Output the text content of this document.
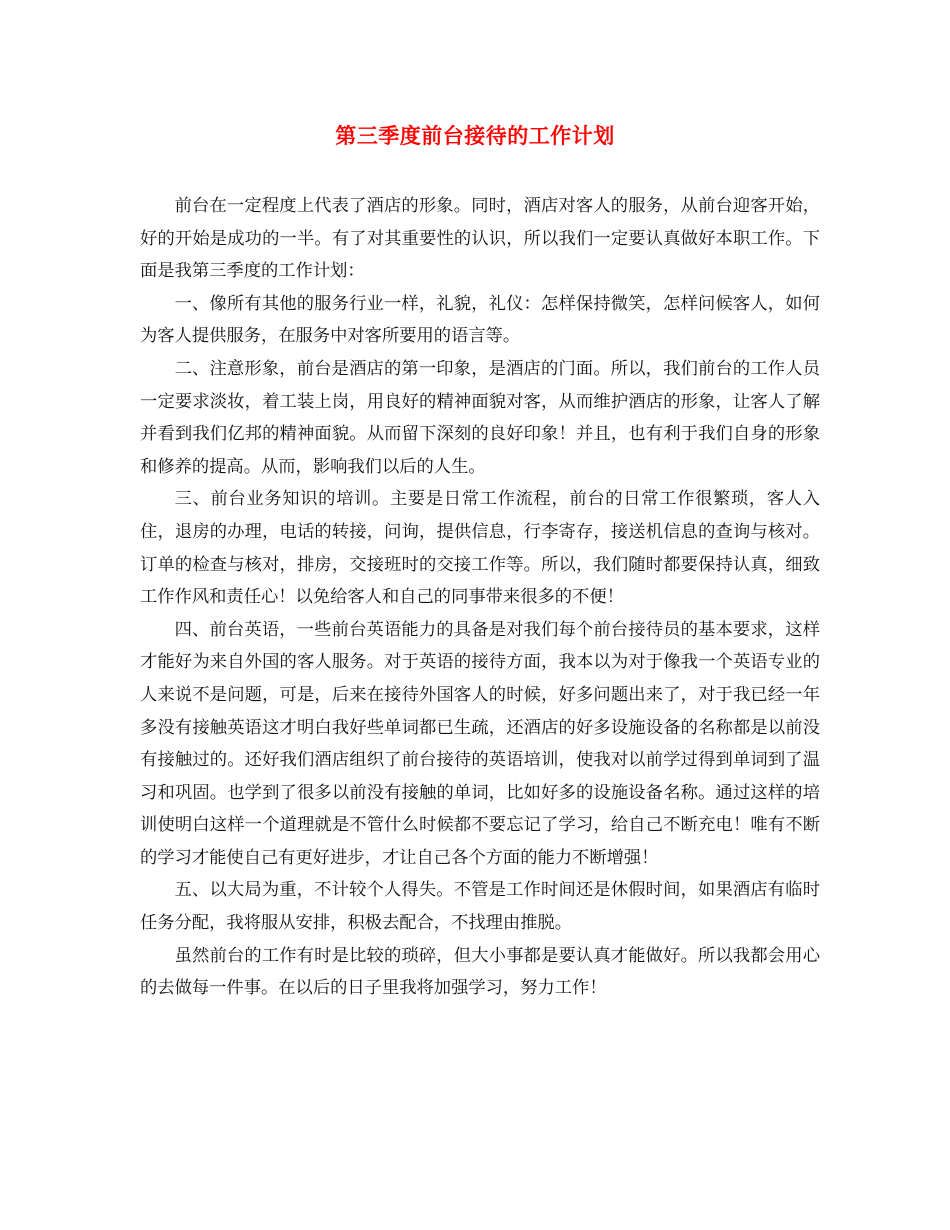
第三季度前台接待的工作计划

前台在一定程度上代表了酒店的形象。同时，酒店对客人的服务，从前台迎客开始，好的开始是成功的一半。有了对其重要性的认识，所以我们一定要认真做好本职工作。下面是我第三季度的工作计划：

一、像所有其他的服务行业一样，礼貌，礼仪：怎样保持微笑，怎样问候客人，如何为客人提供服务，在服务中对客所要用的语言等。

二、注意形象，前台是酒店的第一印象，是酒店的门面。所以，我们前台的工作人员一定要求淡妆，着工装上岗，用良好的精神面貌对客，从而维护酒店的形象，让客人了解并看到我们亿邦的精神面貌。从而留下深刻的良好印象！并且，也有利于我们自身的形象和修养的提高。从而，影响我们以后的人生。

三、前台业务知识的培训。主要是日常工作流程，前台的日常工作很繁琐，客人入住，退房的办理，电话的转接，问询，提供信息，行李寄存，接送机信息的查询与核对。订单的检查与核对，排房，交接班时的交接工作等。所以，我们随时都要保持认真，细致工作作风和责任心！以免给客人和自己的同事带来很多的不便！

四、前台英语，一些前台英语能力的具备是对我们每个前台接待员的基本要求，这样才能好为来自外国的客人服务。对于英语的接待方面，我本以为对于像我一个英语专业的人来说不是问题，可是，后来在接待外国客人的时候，好多问题出来了，对于我已经一年多没有接触英语这才明白我好些单词都已生疏，还酒店的好多设施设备的名称都是以前没有接触过的。还好我们酒店组织了前台接待的英语培训，使我对以前学过得到单词到了温习和巩固。也学到了很多以前没有接触的单词，比如好多的设施设备名称。通过这样的培训使明白这样一个道理就是不管什么时候都不要忘记了学习，给自己不断充电！唯有不断的学习才能使自己有更好进步，才让自己各个方面的能力不断增强！

五、以大局为重，不计较个人得失。不管是工作时间还是休假时间，如果酒店有临时任务分配，我将服从安排，积极去配合，不找理由推脱。

虽然前台的工作有时是比较的琐碎，但大小事都是要认真才能做好。所以我都会用心的去做每一件事。在以后的日子里我将加强学习，努力工作！
